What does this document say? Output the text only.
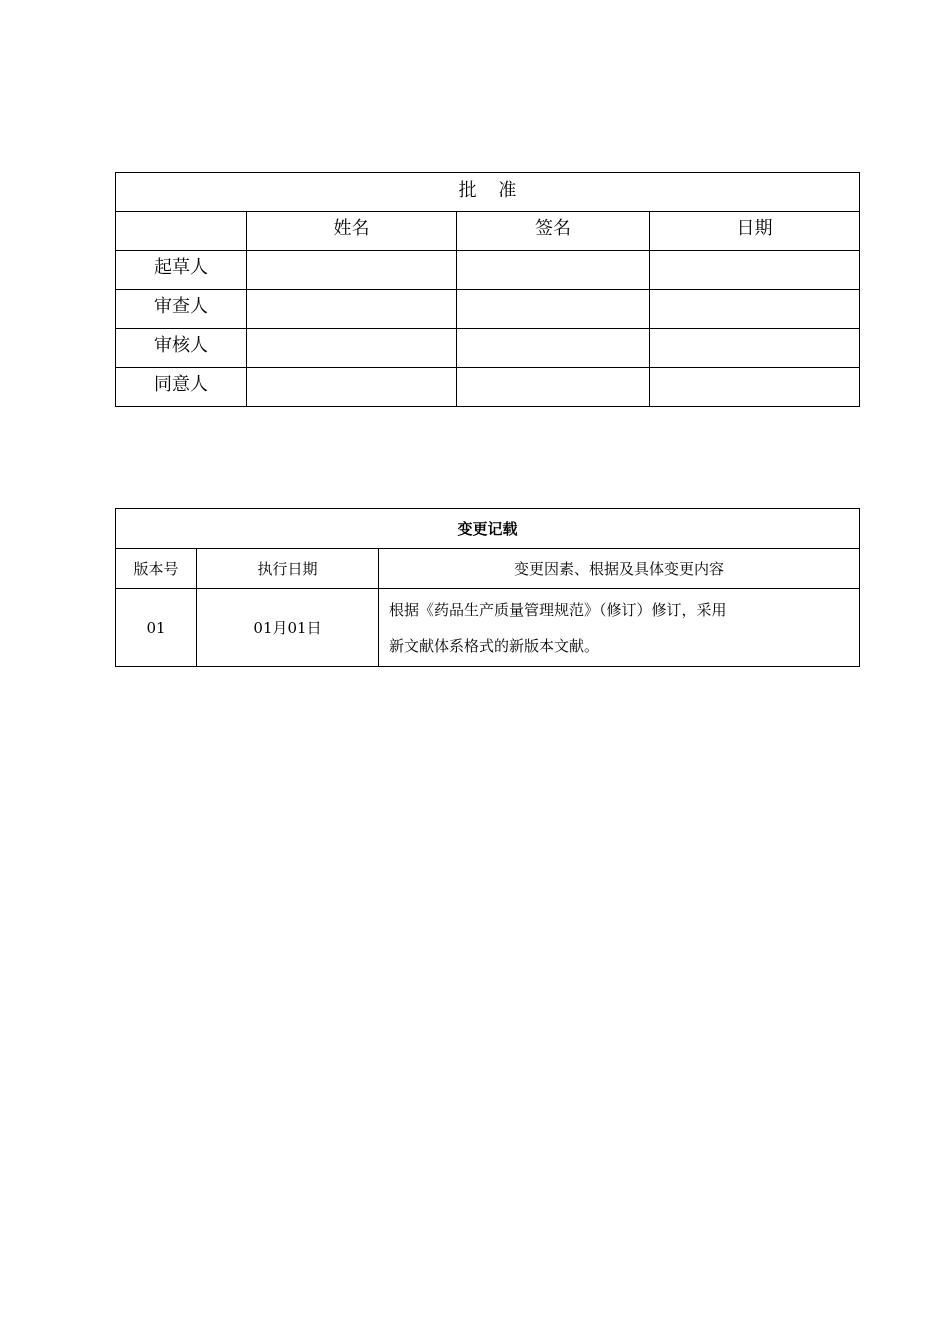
批 准			
	姓名	签名	日期
起草人			
审查人			
审核人			
同意人			
变更记载		
版本号	执行日期	变更因素、根据及具体变更内容
01	01月01日	根据《药品生产质量管理规范》（修订）修订，采用
新文献体系格式的新版本文献。
